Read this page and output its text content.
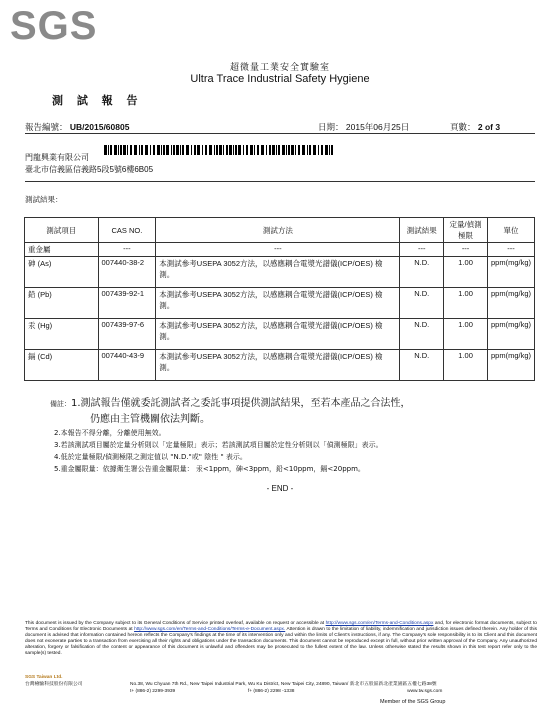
SGS
超微量工業安全實驗室
Ultra Trace Industrial Safety Hygiene
測 試 報 告
報告編號： UB/2015/60805	日期： 2015年06月25日	頁數： 2 of 3
門龍興業有限公司
臺北市信義區信義路5段5號6樓6B05
測試結果：
測試項目	CAS NO.	測試方法	測試結果	定量/偵測極限	單位
重金屬	---	---	---	---	---
砷 (As)	007440-38-2	本測試參考USEPA 3052方法，以感應耦合電漿光譜儀(ICP/OES) 檢測。	N.D.	1.00	ppm(mg/kg)
鉛 (Pb)	007439-92-1	本測試參考USEPA 3052方法，以感應耦合電漿光譜儀(ICP/OES) 檢測。	N.D.	1.00	ppm(mg/kg)
汞 (Hg)	007439-97-6	本測試參考USEPA 3052方法，以感應耦合電漿光譜儀(ICP/OES) 檢測。	N.D.	1.00	ppm(mg/kg)
鎘 (Cd)	007440-43-9	本測試參考USEPA 3052方法，以感應耦合電漿光譜儀(ICP/OES) 檢測。	N.D.	1.00	ppm(mg/kg)
備註：1.測試報告僅就委託測試者之委託事項提供測試結果，至若本產品之合法性，
仍應由主管機關依法判斷。
2.本報告不得分離，分離使用無效。
3.若該測試項目屬於定量分析則以「定量極限」表示；若該測試項目屬於定性分析則以「偵測極限」表示。
4.低於定量極限/偵測極限之測定值以 "N.D."或" 陰性 " 表示。
5.重金屬限量：依據衛生署公告重金屬限量： 汞<1ppm，砷<3ppm，鉛<10ppm，鎘<20ppm。
- END -
This document is issued by the Company subject to its General Conditions of Service printed overleaf, available on request or accessible at http://www.sgs.com/en/Terms-and-Conditions.aspx and, for electronic format documents, subject to Terms and Conditions for Electronic Documents at http://www.sgs.com/en/Terms-and-Conditions/Terms-e-Document.aspx. Attention is drawn to the limitation of liability, indemnification and jurisdiction issues defined therein. Any holder of this document is advised that information contained hereon reflects the Company's findings at the time of its intervention only and within the limits of Client's instructions, if any. The Company's sole responsibility is to its Client and this document does not exonerate parties to a transaction from exercising all their rights and obligations under the transaction documents. This document cannot be reproduced except in full, without prior written approval of the Company. Any unauthorized alteration, forgery or falsification of the content or appearance of this document is unlawful and offenders may be prosecuted to the fullest extent of the law. Unless otherwise stated the results shown in this test report refer only to the sample(s) tested.
SGS Taiwan Ltd.
台灣檢驗科技股份有限公司	No.38, Wu Chyuan 7th Rd., New Taipei Industrial Park, Wu Ku District, New Taipei City, 24890, Taiwan/ 新北市五股區新北產業園區五權七路38號
t+ (886-2) 2299-3939	f+ (886-2) 2298 -1338	www.tw.sgs.com
Member of the SGS Group
